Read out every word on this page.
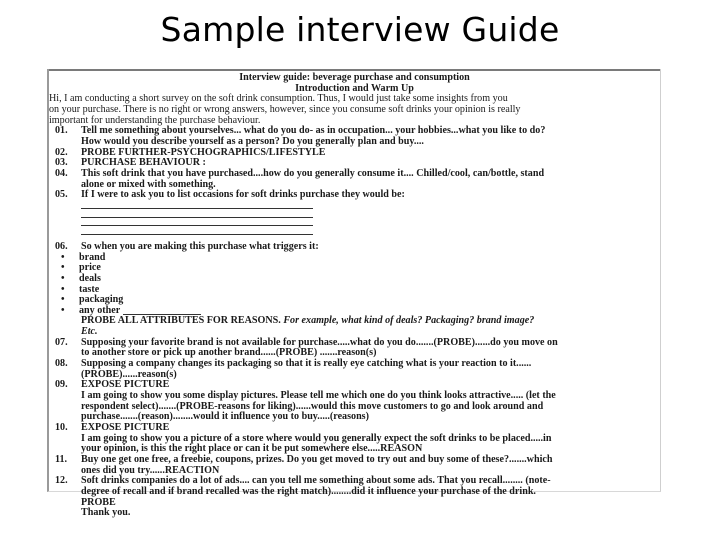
Sample interview Guide
Interview guide: beverage purchase and consumption
Introduction and Warm Up
Hi, I am conducting a short survey on the soft drink consumption. Thus, I would just take some insights from you
on your purchase. There is no right or wrong answers, however, since you consume soft drinks your opinion is really
important for understanding the purchase behaviour.
01.	Tell me something about yourselves... what do you do- as in occupation... your hobbies...what you like to do?
How would you describe yourself as a person? Do you generally plan and buy....
02.	PROBE FURTHER-PSYCHOGRAPHICS/LIFESTYLE
03.	PURCHASE BEHAVIOUR :
04.	This soft drink that you have purchased....how do you generally consume it.... Chilled/cool, can/bottle, stand
alone or mixed with something.
05.	If I were to ask you to list occasions for soft drinks purchase they would be:
06.	So when you are making this purchase what triggers it:
•	brand
•	price
•	deals
•	taste
•	packaging
•	any other

PROBE ALL ATTRIBUTES FOR REASONS. For example, what kind of deals? Packaging? brand image?
Etc.
07.	Supposing your favorite brand is not available for purchase.....what do you do.......(PROBE)......do you move on
to another store or pick up another brand......(PROBE) .......reason(s)
08.	Supposing a company changes its packaging so that it is really eye catching what is your reaction to it......
(PROBE)......reason(s)
09.	EXPOSE PICTURE
I am going to show you some display pictures. Please tell me which one do you think looks attractive..... (let the
respondent select).......(PROBE-reasons for liking)......would this move customers to go and look around and
purchase.......(reason)........would it influence you to buy.....(reasons)
10.	EXPOSE PICTURE
I am going to show you a picture of a store where would you generally expect the soft drinks to be placed.....in
your opinion, is this the right place or can it be put somewhere else.....REASON
11.	Buy one get one free, a freebie, coupons, prizes. Do you get moved to try out and buy some of these?.......which
ones did you try......REACTION
12.	Soft drinks companies do a lot of ads.... can you tell me something about some ads. That you recall........ (note-
degree of recall and if brand recalled was the right match)........did it influence your purchase of the drink.
PROBE
Thank you.
